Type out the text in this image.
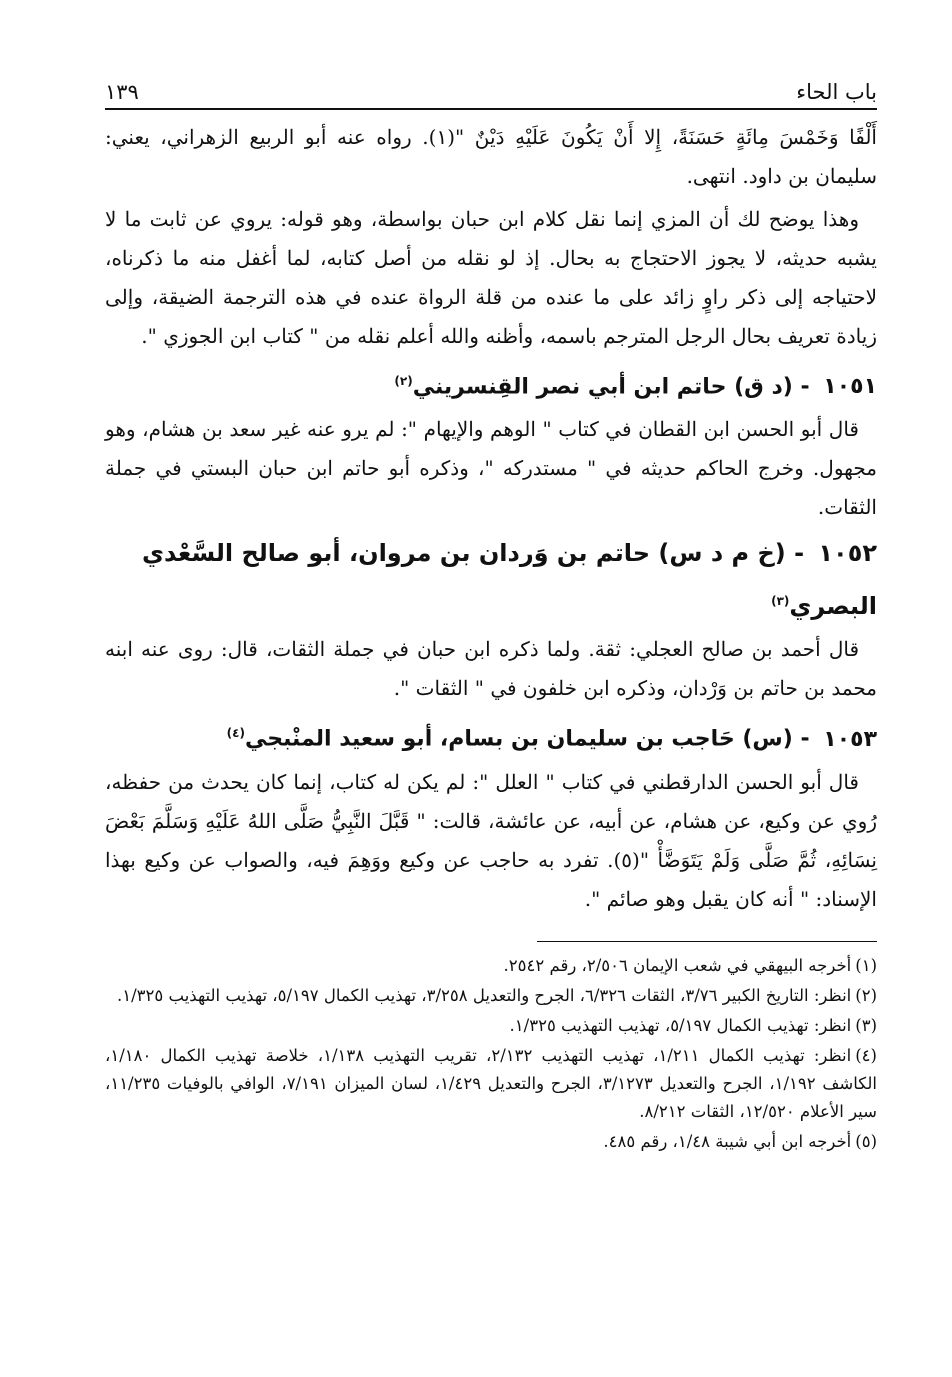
باب الحاء
١٣٩

أَلْفًا وَخَمْسَ مِائَةٍ حَسَنَةً، إِلا أَنْ يَكُونَ عَلَيْهِ دَيْنٌ "(١). رواه عنه أبو الربيع الزهراني، يعني: سليمان بن داود. انتهى.

وهذا يوضح لك أن المزي إنما نقل كلام ابن حبان بواسطة، وهو قوله: يروي عن ثابت ما لا يشبه حديثه، لا يجوز الاحتجاج به بحال. إذ لو نقله من أصل كتابه، لما أغفل منه ما ذكرناه، لاحتياجه إلى ذكر راوٍ زائد على ما عنده من قلة الرواة عنده في هذه الترجمة الضيقة، وإلى زيادة تعريف بحال الرجل المترجم باسمه، وأظنه والله أعلم نقله من " كتاب ابن الجوزي ".

١٠٥١ - (د ق) حاتم ابن أبي نصر القِنسريني$^{(٢)}$

قال أبو الحسن ابن القطان في كتاب " الوهم والإيهام ": لم يرو عنه غير سعد بن هشام، وهو مجهول. وخرج الحاكم حديثه في " مستدركه "، وذكره أبو حاتم ابن حبان البستي في جملة الثقات.

١٠٥٢ - (خ م د س) حاتم بن وَردان بن مروان، أبو صالح السَّعْدي البصري$^{(٣)}$

قال أحمد بن صالح العجلي: ثقة. ولما ذكره ابن حبان في جملة الثقات، قال: روى عنه ابنه محمد بن حاتم بن وَرْدان، وذكره ابن خلفون في " الثقات ".

١٠٥٣ - (س) حَاجب بن سليمان بن بسام، أبو سعيد المنْبجي$^{(٤)}$

قال أبو الحسن الدارقطني في كتاب " العلل ": لم يكن له كتاب، إنما كان يحدث من حفظه، رُوي عن وكيع، عن هشام، عن أبيه، عن عائشة، قالت: " قَبَّلَ النَّبِيُّ صَلَّى اللهُ عَلَيْهِ وَسَلَّمَ بَعْضَ نِسَائِهِ، ثُمَّ صَلَّى وَلَمْ يَتَوَضَّأْ "(٥). تفرد به حاجب عن وكيع ووَهِمَ فيه، والصواب عن وكيع بهذا الإسناد: " أنه كان يقبل وهو صائم ".

(١)أخرجه البيهقي في شعب الإيمان ٢/٥٠٦، رقم ٢٥٤٢.

(٢)انظر: التاريخ الكبير ٣/٧٦، الثقات ٦/٣٢٦، الجرح والتعديل ٣/٢٥٨، تهذيب الكمال ٥/١٩٧، تهذيب التهذيب ١/٣٢٥.

(٣)انظر: تهذيب الكمال ٥/١٩٧، تهذيب التهذيب ١/٣٢٥.

(٤)انظر: تهذيب الكمال ١/٢١١، تهذيب التهذيب ٢/١٣٢، تقريب التهذيب ١/١٣٨، خلاصة تهذيب الكمال ١/١٨٠، الكاشف ١/١٩٢، الجرح والتعديل ٣/١٢٧٣، الجرح والتعديل ١/٤٢٩، لسان الميزان ٧/١٩١، الوافي بالوفيات ١١/٢٣٥، سير الأعلام ١٢/٥٢٠، الثقات ٨/٢١٢.

(٥)أخرجه ابن أبي شيبة ١/٤٨، رقم ٤٨٥.
